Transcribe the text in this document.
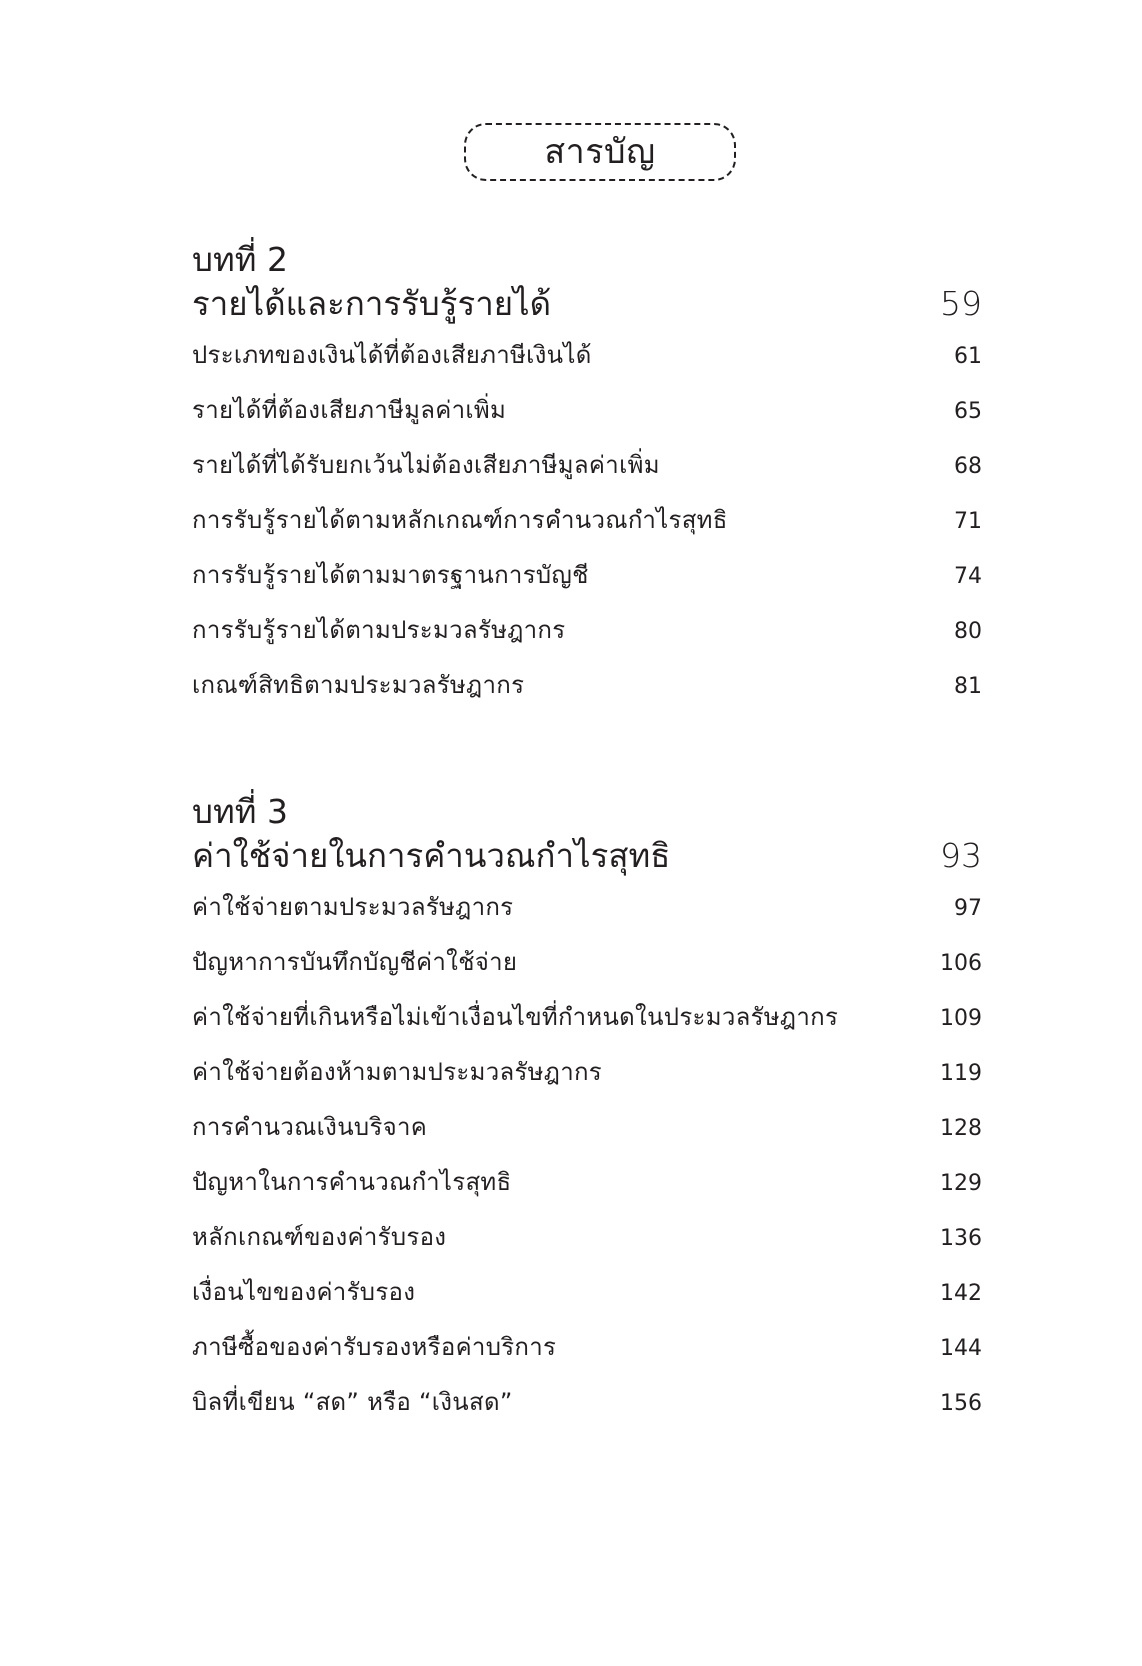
สารบัญ
บทที่ 2
รายได้และการรับรู้รายได้	59
ประเภทของเงินได้ที่ต้องเสียภาษีเงินได้	61
รายได้ที่ต้องเสียภาษีมูลค่าเพิ่ม	65
รายได้ที่ได้รับยกเว้นไม่ต้องเสียภาษีมูลค่าเพิ่ม	68
การรับรู้รายได้ตามหลักเกณฑ์การคำนวณกำไรสุทธิ	71
การรับรู้รายได้ตามมาตรฐานการบัญชี	74
การรับรู้รายได้ตามประมวลรัษฎากร	80
เกณฑ์สิทธิตามประมวลรัษฎากร	81
บทที่ 3
ค่าใช้จ่ายในการคำนวณกำไรสุทธิ	93
ค่าใช้จ่ายตามประมวลรัษฎากร	97
ปัญหาการบันทึกบัญชีค่าใช้จ่าย	106
ค่าใช้จ่ายที่เกินหรือไม่เข้าเงื่อนไขที่กำหนดในประมวลรัษฎากร	109
ค่าใช้จ่ายต้องห้ามตามประมวลรัษฎากร	119
การคำนวณเงินบริจาค	128
ปัญหาในการคำนวณกำไรสุทธิ	129
หลักเกณฑ์ของค่ารับรอง	136
เงื่อนไขของค่ารับรอง	142
ภาษีซื้อของค่ารับรองหรือค่าบริการ	144
บิลที่เขียน “สด” หรือ “เงินสด”	156
